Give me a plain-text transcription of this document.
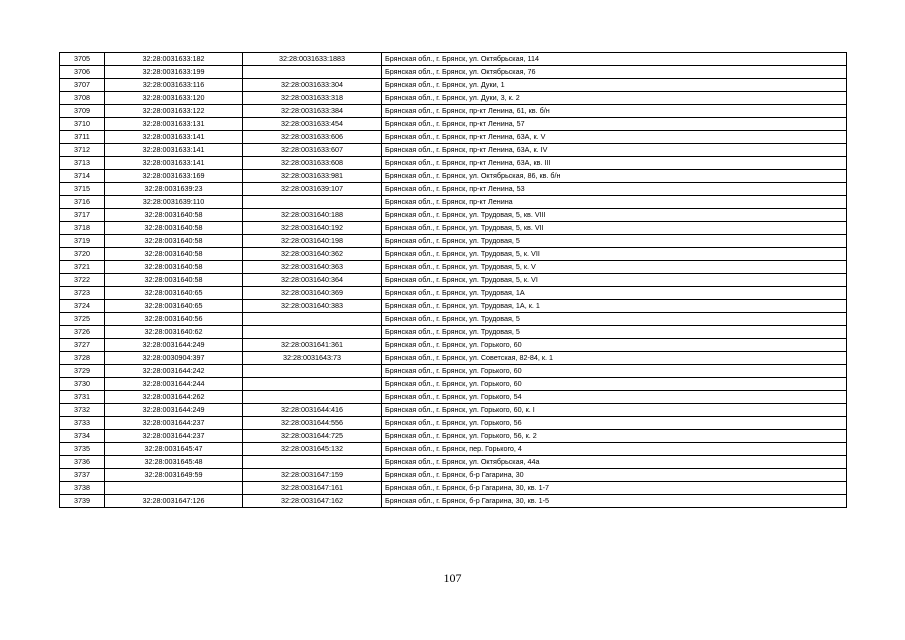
3705	32:28:0031633:182	32:28:0031633:1883	Брянская обл., г. Брянск, ул. Октябрьская, 114
3706	32:28:0031633:199		Брянская обл., г. Брянск, ул. Октябрьская, 76
3707	32:28:0031633:116	32:28:0031633:304	Брянская обл., г. Брянск, ул. Дуки, 1
3708	32:28:0031633:120	32:28:0031633:318	Брянская обл., г. Брянск, ул. Дуки, 3, к. 2
3709	32:28:0031633:122	32:28:0031633:384	Брянская обл., г. Брянск, пр-кт Ленина, 61, кв. б/н
3710	32:28:0031633:131	32:28:0031633:454	Брянская обл., г. Брянск, пр-кт Ленина, 57
3711	32:28:0031633:141	32:28:0031633:606	Брянская обл., г. Брянск, пр-кт Ленина, 63А, к. V
3712	32:28:0031633:141	32:28:0031633:607	Брянская обл., г. Брянск, пр-кт Ленина, 63А, к. IV
3713	32:28:0031633:141	32:28:0031633:608	Брянская обл., г. Брянск, пр-кт Ленина, 63А, кв. III
3714	32:28:0031633:169	32:28:0031633:981	Брянская обл., г. Брянск, ул. Октябрьская, 86, кв. б/н
3715	32:28:0031639:23	32:28:0031639:107	Брянская обл., г. Брянск, пр-кт Ленина, 53
3716	32:28:0031639:110		Брянская обл., г. Брянск, пр-кт Ленина
3717	32:28:0031640:58	32:28:0031640:188	Брянская обл., г. Брянск, ул. Трудовая, 5, кв. VIII
3718	32:28:0031640:58	32:28:0031640:192	Брянская обл., г. Брянск, ул. Трудовая, 5, кв. VII
3719	32:28:0031640:58	32:28:0031640:198	Брянская обл., г. Брянск, ул. Трудовая, 5
3720	32:28:0031640:58	32:28:0031640:362	Брянская обл., г. Брянск, ул. Трудовая, 5, к. VII
3721	32:28:0031640:58	32:28:0031640:363	Брянская обл., г. Брянск, ул. Трудовая, 5, к. V
3722	32:28:0031640:58	32:28:0031640:364	Брянская обл., г. Брянск, ул. Трудовая, 5, к. VI
3723	32:28:0031640:65	32:28:0031640:369	Брянская обл., г. Брянск, ул. Трудовая, 1А
3724	32:28:0031640:65	32:28:0031640:383	Брянская обл., г. Брянск, ул. Трудовая, 1А, к. 1
3725	32:28:0031640:56		Брянская обл., г. Брянск, ул. Трудовая, 5
3726	32:28:0031640:62		Брянская обл., г. Брянск, ул. Трудовая, 5
3727	32:28:0031644:249	32:28:0031641:361	Брянская обл., г. Брянск, ул. Горького, 60
3728	32:28:0030904:397	32:28:0031643:73	Брянская обл., г. Брянск, ул. Советская, 82-84, к. 1
3729	32:28:0031644:242		Брянская обл., г. Брянск, ул. Горького, 60
3730	32:28:0031644:244		Брянская обл., г. Брянск, ул. Горького, 60
3731	32:28:0031644:262		Брянская обл., г. Брянск, ул. Горького, 54
3732	32:28:0031644:249	32:28:0031644:416	Брянская обл., г. Брянск, ул. Горького, 60, к. I
3733	32:28:0031644:237	32:28:0031644:556	Брянская обл., г. Брянск, ул. Горького, 56
3734	32:28:0031644:237	32:28:0031644:725	Брянская обл., г. Брянск, ул. Горького, 56, к. 2
3735	32:28:0031645:47	32:28:0031645:132	Брянская обл., г. Брянск, пер. Горького, 4
3736	32:28:0031645:48		Брянская обл., г. Брянск, ул. Октябрьская, 44а
3737	32:28:0031649:59	32:28:0031647:159	Брянская обл., г. Брянск, б-р Гагарина, 30
3738		32:28:0031647:161	Брянская обл., г. Брянск, б-р Гагарина, 30, кв. 1-7
3739	32:28:0031647:126	32:28:0031647:162	Брянская обл., г. Брянск, б-р Гагарина, 30, кв. 1-5
107
